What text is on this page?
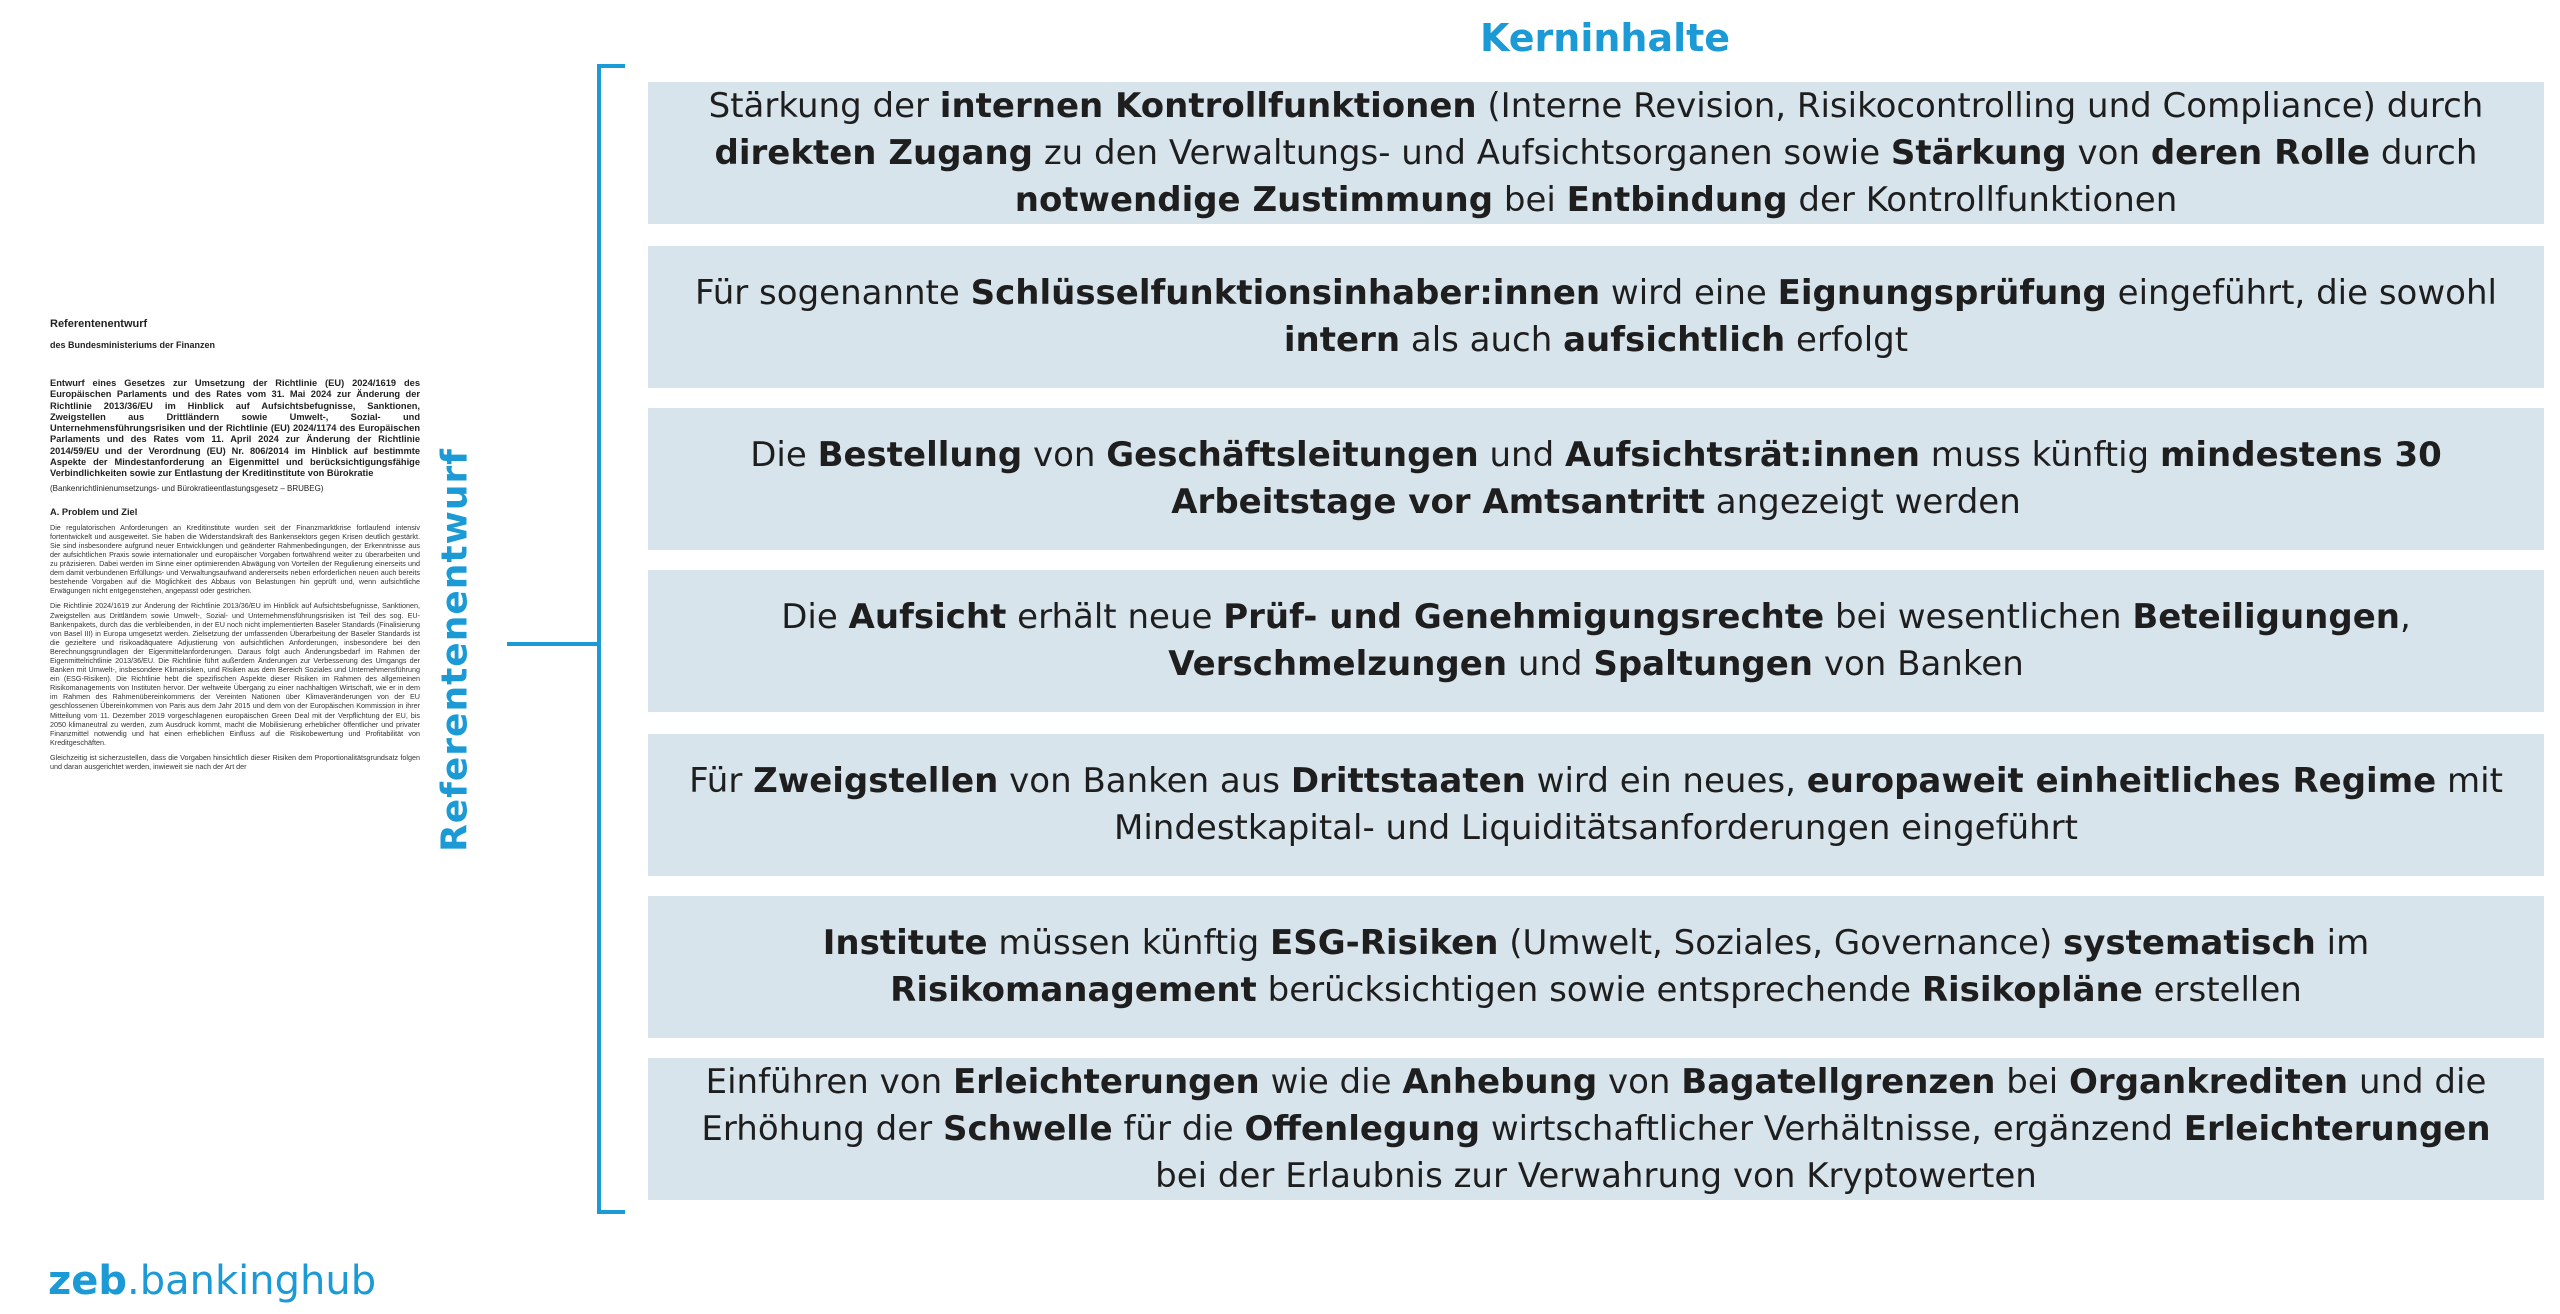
Referentenentwurf
des Bundesministeriums der Finanzen
Entwurf eines Gesetzes zur Umsetzung der Richtlinie (EU) 2024/1619 des Europäischen Parlaments und des Rates vom 31. Mai 2024 zur Änderung der Richtlinie 2013/36/EU im Hinblick auf Aufsichtsbefugnisse, Sanktionen, Zweigstellen aus Drittländern sowie Umwelt-, Sozial- und Unternehmensführungsrisiken und der Richtlinie (EU) 2024/1174 des Europäischen Parlaments und des Rates vom 11. April 2024 zur Änderung der Richtlinie 2014/59/EU und der Verordnung (EU) Nr. 806/2014 im Hinblick auf bestimmte Aspekte der Mindestanforderung an Eigenmittel und berücksichtigungsfähige Verbindlichkeiten sowie zur Entlastung der Kreditinstitute von Bürokratie
(Bankenrichtlinienumsetzungs- und Bürokratieentlastungsgesetz – BRUBEG)
A. Problem und Ziel
Die regulatorischen Anforderungen an Kreditinstitute wurden seit der Finanzmarktkrise fortlaufend intensiv fortentwickelt und ausgeweitet. Sie haben die Widerstandskraft des Bankensektors gegen Krisen deutlich gestärkt. Sie sind insbesondere aufgrund neuer Entwicklungen und geänderter Rahmenbedingungen, der Erkenntnisse aus der aufsichtlichen Praxis sowie internationaler und europäischer Vorgaben fortwährend weiter zu überarbeiten und zu präzisieren. Dabei werden im Sinne einer optimierenden Abwägung von Vorteilen der Regulierung einerseits und dem damit verbundenen Erfüllungs- und Verwaltungsaufwand andererseits neben erforderlichen neuen auch bereits bestehende Vorgaben auf die Möglichkeit des Abbaus von Belastungen hin geprüft und, wenn aufsichtliche Erwägungen nicht entgegenstehen, angepasst oder gestrichen.
Die Richtlinie 2024/1619 zur Änderung der Richtlinie 2013/36/EU im Hinblick auf Aufsichtsbefugnisse, Sanktionen, Zweigstellen aus Drittländern sowie Umwelt-, Sozial- und Unternehmensführungsrisiken ist Teil des sog. EU-Bankenpakets, durch das die verbleibenden, in der EU noch nicht implementierten Baseler Standards (Finalisierung von Basel III) in Europa umgesetzt werden. Zielsetzung der umfassenden Überarbeitung der Baseler Standards ist die gezieltere und risikoadäquatere Adjustierung von aufsichtlichen Anforderungen, insbesondere bei den Berechnungsgrundlagen der Eigenmittelanforderungen. Daraus folgt auch Änderungsbedarf im Rahmen der Eigenmittelrichtlinie 2013/36/EU. Die Richtlinie führt außerdem Änderungen zur Verbesserung des Umgangs der Banken mit Umwelt-, insbesondere Klimarisiken, und Risiken aus dem Bereich Soziales und Unternehmensführung ein (ESG-Risiken). Die Richtlinie hebt die spezifischen Aspekte dieser Risiken im Rahmen des allgemeinen Risikomanagements von Instituten hervor. Der weltweite Übergang zu einer nachhaltigen Wirtschaft, wie er in dem im Rahmen des Rahmenübereinkommens der Vereinten Nationen über Klimaveränderungen von der EU geschlossenen Übereinkommen von Paris aus dem Jahr 2015 und dem von der Europäischen Kommission in ihrer Mitteilung vom 11. Dezember 2019 vorgeschlagenen europäischen Green Deal mit der Verpflichtung der EU, bis 2050 klimaneutral zu werden, zum Ausdruck kommt, macht die Mobilisierung erheblicher öffentlicher und privater Finanzmittel notwendig und hat einen erheblichen Einfluss auf die Risikobewertung und Profitabilität von Kreditgeschäften.
Gleichzeitig ist sicherzustellen, dass die Vorgaben hinsichtlich dieser Risiken dem Proportionalitätsgrundsatz folgen und daran ausgerichtet werden, inwieweit sie nach der Art der	Referentenentwurf
Kerninhalte
Stärkung der internen Kontrollfunktionen (Interne Revision, Risikocontrolling und Compliance) durch direkten Zugang zu den Verwaltungs- und Aufsichtsorganen sowie Stärkung von deren Rolle durch notwendige Zustimmung bei Entbindung der Kontrollfunktionen
Für sogenannte Schlüsselfunktionsinhaber:innen wird eine Eignungsprüfung eingeführt, die sowohl intern als auch aufsichtlich erfolgt
Die Bestellung von Geschäftsleitungen und Aufsichtsrät:innen muss künftig mindestens 30 Arbeitstage vor Amtsantritt angezeigt werden
Die Aufsicht erhält neue Prüf- und Genehmigungsrechte bei wesentlichen Beteiligungen, Verschmelzungen und Spaltungen von Banken
Für Zweigstellen von Banken aus Drittstaaten wird ein neues, europaweit einheitliches Regime mit Mindestkapital- und Liquiditätsanforderungen eingeführt
Institute müssen künftig ESG-Risiken (Umwelt, Soziales, Governance) systematisch im Risikomanagement berücksichtigen sowie entsprechende Risikopläne erstellen
Einführen von Erleichterungen wie die Anhebung von Bagatellgrenzen bei Organkrediten und die Erhöhung der Schwelle für die Offenlegung wirtschaftlicher Verhältnisse, ergänzend Erleichterungen bei der Erlaubnis zur Verwahrung von Kryptowerten
zeb.bankinghub
